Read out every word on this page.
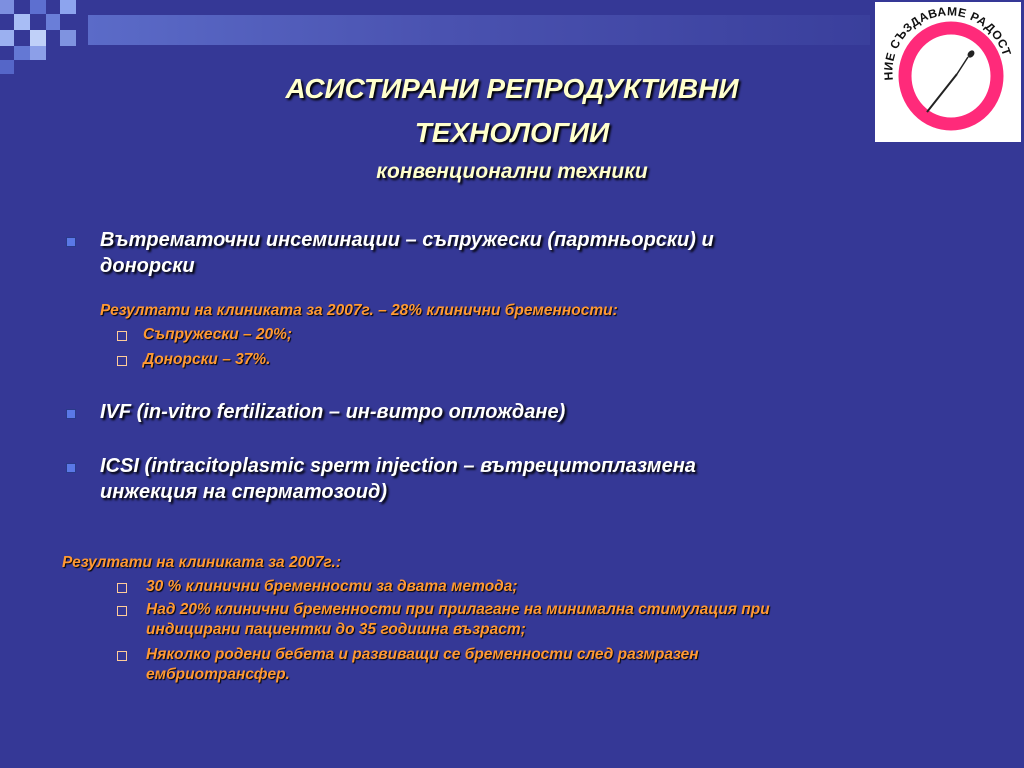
АСИСТИРАНИ РЕПРОДУКТИВНИ
ТЕХНОЛОГИИ
конвенционални техники
НИЕ СЪЗДАВАМЕ РАДОСТ
Вътрематочни инсеминации – съпружески (партньорски) и
донорски
Резултати на клиниката за 2007г. – 28% клинични бременности:
Съпружески – 20%;
Донорски – 37%.
IVF (in-vitro fertilization – ин-витро оплождане)
ICSI (intracitoplasmic sperm injection – вътрецитоплазмена
инжекция на сперматозоид)
Резултати на клиниката за 2007г.:
30 % клинични бременности за двата метода;
Над 20% клинични бременности при прилагане на минимална стимулация при
индицирани пациентки до 35 годишна възраст;
Няколко родени бебета и развиващи се бременности след размразен
ембриотрансфер.
